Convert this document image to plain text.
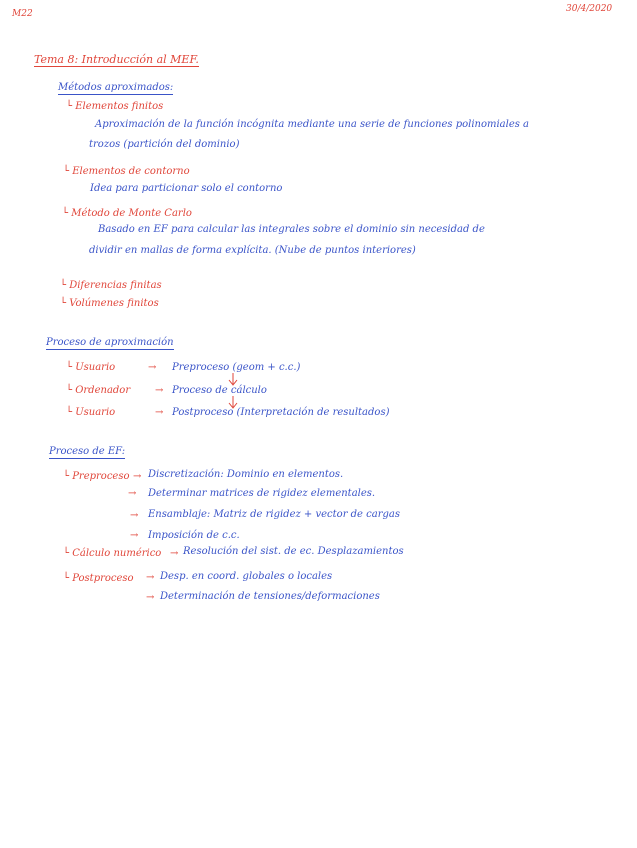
M22	30/4/2020
Tema 8: Introducción al MEF.
Métodos aproximados:
└ Elementos finitos
Aproximación de la función incógnita mediante una serie de funciones polinomiales a
trozos (partición del dominio)
└ Elementos de contorno
Idea para particionar solo el contorno
└ Método de Monte Carlo
Basado en EF para calcular las integrales sobre el dominio sin necesidad de
dividir en mallas de forma explícita. (Nube de puntos interiores)
└ Diferencias finitas
└ Volúmenes finitos
Proceso de aproximación
└ Usuario	→ Preproceso (geom + c.c.)
└ Ordenador → Proceso de cálculo
└ Usuario	→ Postproceso (Interpretación de resultados)
Proceso de EF:
└ Preproceso → Discretización: Dominio en elementos.
→ Determinar matrices de rigidez elementales.
→ Ensamblaje: Matriz de rigidez + vector de cargas
→ Imposición de c.c.
└ Cálculo numérico → Resolución del sist. de ec. Desplazamientos
└ Postproceso → Desp. en coord. globales o locales
→ Determinación de tensiones/deformaciones
